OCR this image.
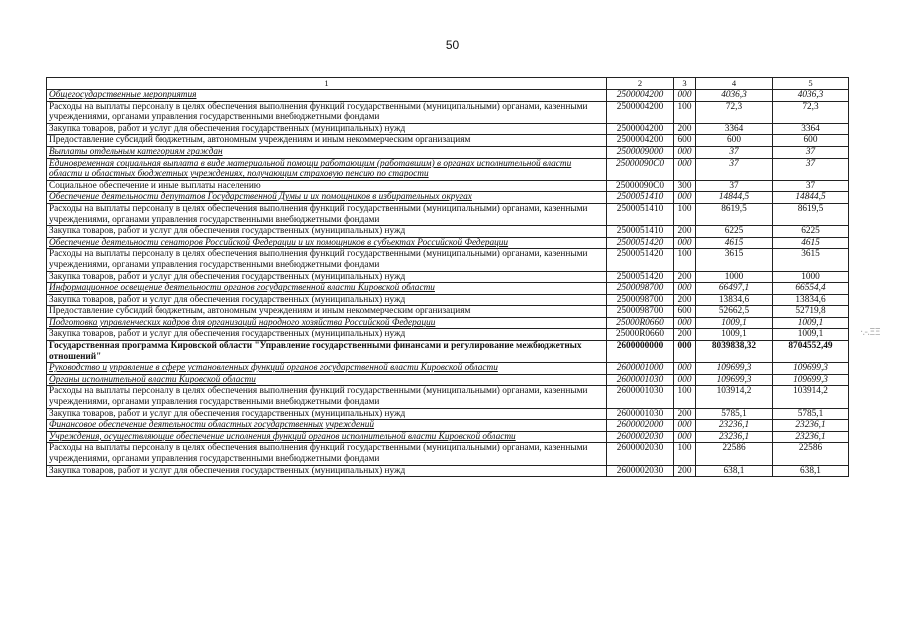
50
1	2	3	4	5
Общегосударственные мероприятия	2500004200	000	4036,3	4036,3
Расходы на выплаты персоналу в целях обеспечения выполнения функций государственными (муниципальными) органами, казенными учреждениями, органами управления государственными внебюджетными фондами	2500004200	100	72,3	72,3
Закупка товаров, работ и услуг для обеспечения государственных (муниципальных) нужд	2500004200	200	3364	3364
Предоставление субсидий бюджетным, автономным учреждениям и иным некоммерческим организациям	2500004200	600	600	600
Выплаты отдельным категориям граждан	2500009000	000	37	37
Единовременная социальная выплата в виде материальной помощи работающим (работавшим) в органах исполнительной власти области и областных бюджетных учреждениях, получающим страховую пенсию по старости	25000090С0	000	37	37
Социальное обеспечение и иные выплаты населению	25000090С0	300	37	37
Обеспечение деятельности депутатов Государственной Думы и их помощников в избирательных округах	2500051410	000	14844,5	14844,5
Расходы на выплаты персоналу в целях обеспечения выполнения функций государственными (муниципальными) органами, казенными учреждениями, органами управления государственными внебюджетными фондами	2500051410	100	8619,5	8619,5
Закупка товаров, работ и услуг для обеспечения государственных (муниципальных) нужд	2500051410	200	6225	6225
Обеспечение деятельности сенаторов Российской Федерации и их помощников в субъектах Российской Федерации	2500051420	000	4615	4615
Расходы на выплаты персоналу в целях обеспечения выполнения функций государственными (муниципальными) органами, казенными учреждениями, органами управления государственными внебюджетными фондами	2500051420	100	3615	3615
Закупка товаров, работ и услуг для обеспечения государственных (муниципальных) нужд	2500051420	200	1000	1000
Информационное освещение деятельности органов государственной власти Кировской области	2500098700	000	66497,1	66554,4
Закупка товаров, работ и услуг для обеспечения государственных (муниципальных) нужд	2500098700	200	13834,6	13834,6
Предоставление субсидий бюджетным, автономным учреждениям и иным некоммерческим организациям	2500098700	600	52662,5	52719,8
Подготовка управленческих кадров для организаций народного хозяйства Российской Федерации	25000R0660	000	1009,1	1009,1
Закупка товаров, работ и услуг для обеспечения государственных (муниципальных) нужд	25000R0660	200	1009,1	1009,1
Государственная программа Кировской области "Управление государственными финансами и регулирование межбюджетных отношений"	2600000000	000	8039838,32	8704552,49
Руководство и управление в сфере установленных функций органов государственной власти Кировской области	2600001000	000	109699,3	109699,3
Органы исполнительной власти Кировской области	2600001030	000	109699,3	109699,3
Расходы на выплаты персоналу в целях обеспечения выполнения функций государственными (муниципальными) органами, казенными учреждениями, органами управления государственными внебюджетными фондами	2600001030	100	103914,2	103914,2
Закупка товаров, работ и услуг для обеспечения государственных (муниципальных) нужд	2600001030	200	5785,1	5785,1
Финансовое обеспечение деятельности областных государственных учреждений	2600002000	000	23236,1	23236,1
Учреждения, осуществляющие обеспечение исполнения функций органов исполнительной власти Кировской области	2600002030	000	23236,1	23236,1
Расходы на выплаты персоналу в целях обеспечения выполнения функций государственными (муниципальными) органами, казенными учреждениями, органами управления государственными внебюджетными фондами	2600002030	100	22586	22586
Закупка товаров, работ и услуг для обеспечения государственных (муниципальных) нужд	2600002030	200	638,1	638,1
·.-.ΞΞ
